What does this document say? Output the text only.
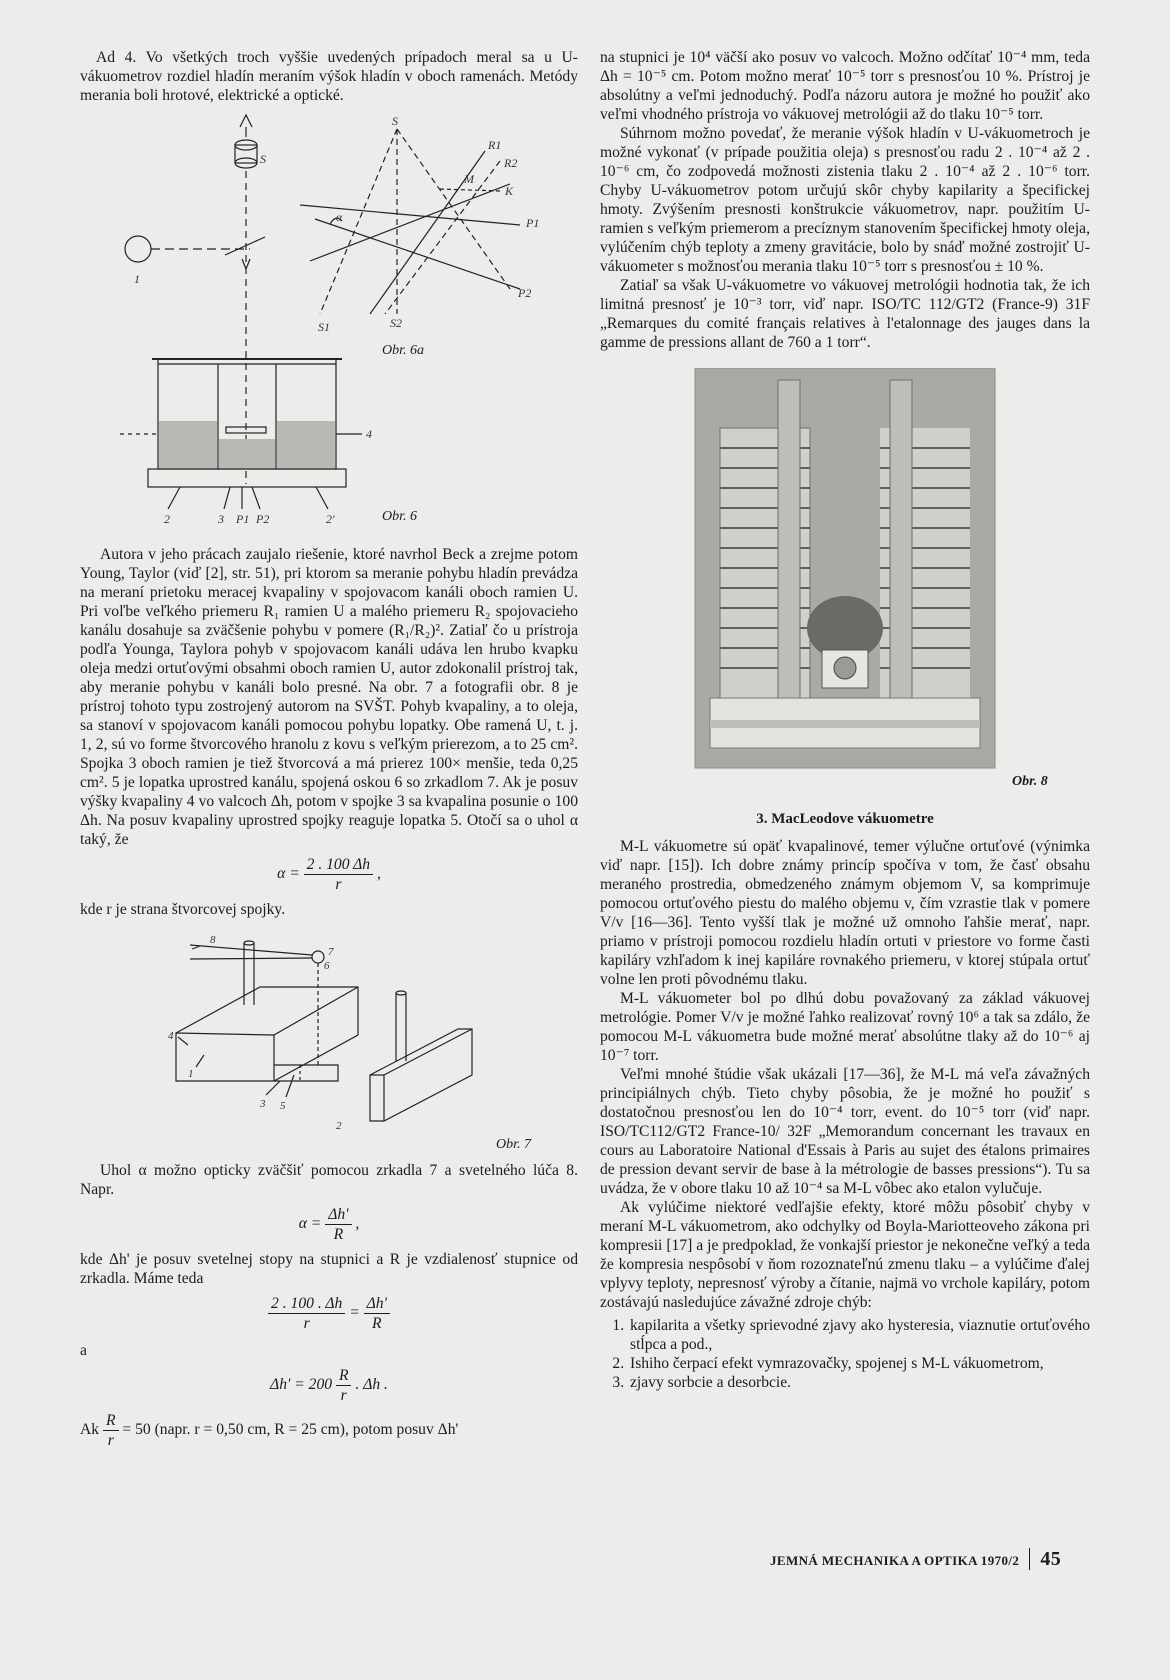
Ad 4. Vo všetkých troch vyššie uvedených prípadoch meral sa u U-vákuometrov rozdiel hladín meraním výšok hladín v oboch ramenách. Metódy merania boli hrotové, elektrické a optické.

S
S
1
R1
R2
M
K
P1
P2
S1	S2
α
4
2	3 P1 P2	2'
Obr. 6a
Obr. 6

Autora v jeho prácach zaujalo riešenie, ktoré navrhol Beck a zrejme potom Young, Taylor (viď [2], str. 51), pri ktorom sa meranie pohybu hladín prevádza na meraní prietoku meracej kvapaliny v spojovacom kanáli oboch ramien U. Pri voľbe veľkého priemeru R₁ ramien U a malého priemeru R₂ spojovacieho kanálu dosahuje sa zväčšenie pohybu v pomere (R₁/R₂)². Zatiaľ čo u prístroja podľa Younga, Taylora pohyb v spojovacom kanáli udáva len hrubo kvapku oleja medzi ortuťovými obsahmi oboch ramien U, autor zdokonalil prístroj tak, aby meranie pohybu v kanáli bolo presné. Na obr. 7 a fotografii obr. 8 je prístroj tohoto typu zostrojený autorom na SVŠT. Pohyb kvapaliny, a to oleja, sa stanoví v spojovacom kanáli pomocou pohybu lopatky. Obe ramená U, t. j. 1, 2, sú vo forme štvorcového hranolu z kovu s veľkým prierezom, a to 25 cm². Spojka 3 oboch ramien je tiež štvorcová a má prierez 100× menšie, teda 0,25 cm². 5 je lopatka uprostred kanálu, spojená oskou 6 so zrkadlom 7. Ak je posuv výšky kvapaliny 4 vo valcoch Δh, potom v spojke 3 sa kvapalina posunie o 100 Δh. Na posuv kvapaliny uprostred spojky reaguje lopatka 5. Otočí sa o uhol α taký, že

$\alpha = \frac{2 . 100 \Delta h}{r}$ ,

kde r je strana štvorcovej spojky.

8
7
6
4
1
3 5
2
Obr. 7

Uhol α možno opticky zväčšiť pomocou zrkadla 7 a svetelného lúča 8. Napr.

$\alpha = \frac{\Delta h'}{R}$ ,

kde Δh' je posuv svetelnej stopy na stupnici a R je vzdialenosť stupnice od zrkadla. Máme teda

$\frac{2 . 100 . \Delta h}{r} = \frac{\Delta h'}{R}$

a

$\Delta h' = 200 \frac{R}{r}$ . Δh .

Ak $\frac{R}{r} = 50$ (napr. r = 0,50 cm, R = 25 cm), potom posuv Δh'

na stupnici je 10⁴ väčší ako posuv vo valcoch. Možno odčítať 10⁻⁴ mm, teda Δh = 10⁻⁵ cm. Potom možno merať 10⁻⁵ torr s presnosťou 10 %. Prístroj je absolútny a veľmi jednoduchý. Podľa názoru autora je možné ho použiť ako veľmi vhodného prístroja vo vákuovej metrológii až do tlaku 10⁻⁵ torr.

Súhrnom možno povedať, že meranie výšok hladín v U-vákuometroch je možné vykonať (v prípade použitia oleja) s presnosťou radu 2 . 10⁻⁴ až 2 . 10⁻⁶ cm, čo zodpovedá možnosti zistenia tlaku 2 . 10⁻⁴ až 2 . 10⁻⁶ torr. Chyby U-vákuometrov potom určujú skôr chyby kapilarity a špecifickej hmoty. Zvýšením presnosti konštrukcie vákuometrov, napr. použitím U-ramien s veľkým priemerom a precíznym stanovením špecifickej hmoty oleja, vylúčením chýb teploty a zmeny gravitácie, bolo by snáď možné zostrojiť U-vákuometer s možnosťou merania tlaku 10⁻⁵ torr s presnosťou ± 10 %.

Zatiaľ sa však U-vákuometre vo vákuovej metrológii hodnotia tak, že ich limitná presnosť je 10⁻³ torr, viď napr. ISO/TC 112/GT2 (France-9) 31F „Remarques du comité français relatives à l'etalonnage des jauges dans la gamme de pressions allant de 760 a 1 torr“.

Obr. 8
3. MacLeodove vákuometre

M-L vákuometre sú opäť kvapalinové, temer výlučne ortuťové (výnimka viď napr. [15]). Ich dobre známy princíp spočíva v tom, že časť obsahu meraného prostredia, obmedzeného známym objemom V, sa komprimuje pomocou ortuťového piestu do malého objemu v, čím vzrastie tlak v pomere V/v [16—36]. Tento vyšší tlak je možné už omnoho ľahšie merať, napr. priamo v prístroji pomocou rozdielu hladín ortuti v priestore vo forme časti kapiláry vzhľadom k inej kapiláre rovnakého priemeru, v ktorej stúpala ortuť volne len proti pôvodnému tlaku.

M-L vákuometer bol po dlhú dobu považovaný za základ vákuovej metrológie. Pomer V/v je možné ľahko realizovať rovný 10⁶ a tak sa zdálo, že pomocou M-L vákuometra bude možné merať absolútne tlaky až do 10⁻⁶ aj 10⁻⁷ torr.

Veľmi mnohé štúdie však ukázali [17—36], že M-L má veľa závažných principiálnych chýb. Tieto chyby pôsobia, že je možné ho použiť s dostatočnou presnosťou len do 10⁻⁴ torr, event. do 10⁻⁵ torr (viď napr. ISO/TC112/GT2 France-10/ 32F „Memorandum concernant les travaux en cours au Laboratoire National d'Essais à Paris au sujet des étalons primaires de pression devant servir de base à la métrologie de basses pressions“). Tu sa uvádza, že v obore tlaku 10 až 10⁻⁴ sa M-L vôbec ako etalon vylučuje.

Ak vylúčime niektoré vedľajšie efekty, ktoré môžu pôsobiť chyby v meraní M-L vákuometrom, ako odchylky od Boyla-Mariotteoveho zákona pri kompresii [17] a je predpoklad, že vonkajší priestor je nekonečne veľký a teda že kompresia nespôsobí v ňom rozoznateľnú zmenu tlaku – a vylúčime ďalej vplyvy teploty, nepresnosť výroby a čítanie, najmä vo vrchole kapiláry, potom zostávajú nasledujúce závažné zdroje chýb:

1. kapilarita a všetky sprievodné zjavy ako hysteresia, viaznutie ortuťového stĺpca a pod.,
2. Ishiho čerpací efekt vymrazovačky, spojenej s M-L vákuometrom,
3. zjavy sorbcie a desorbcie.
JEMNÁ MECHANIKA A OPTIKA 1970/2 45
